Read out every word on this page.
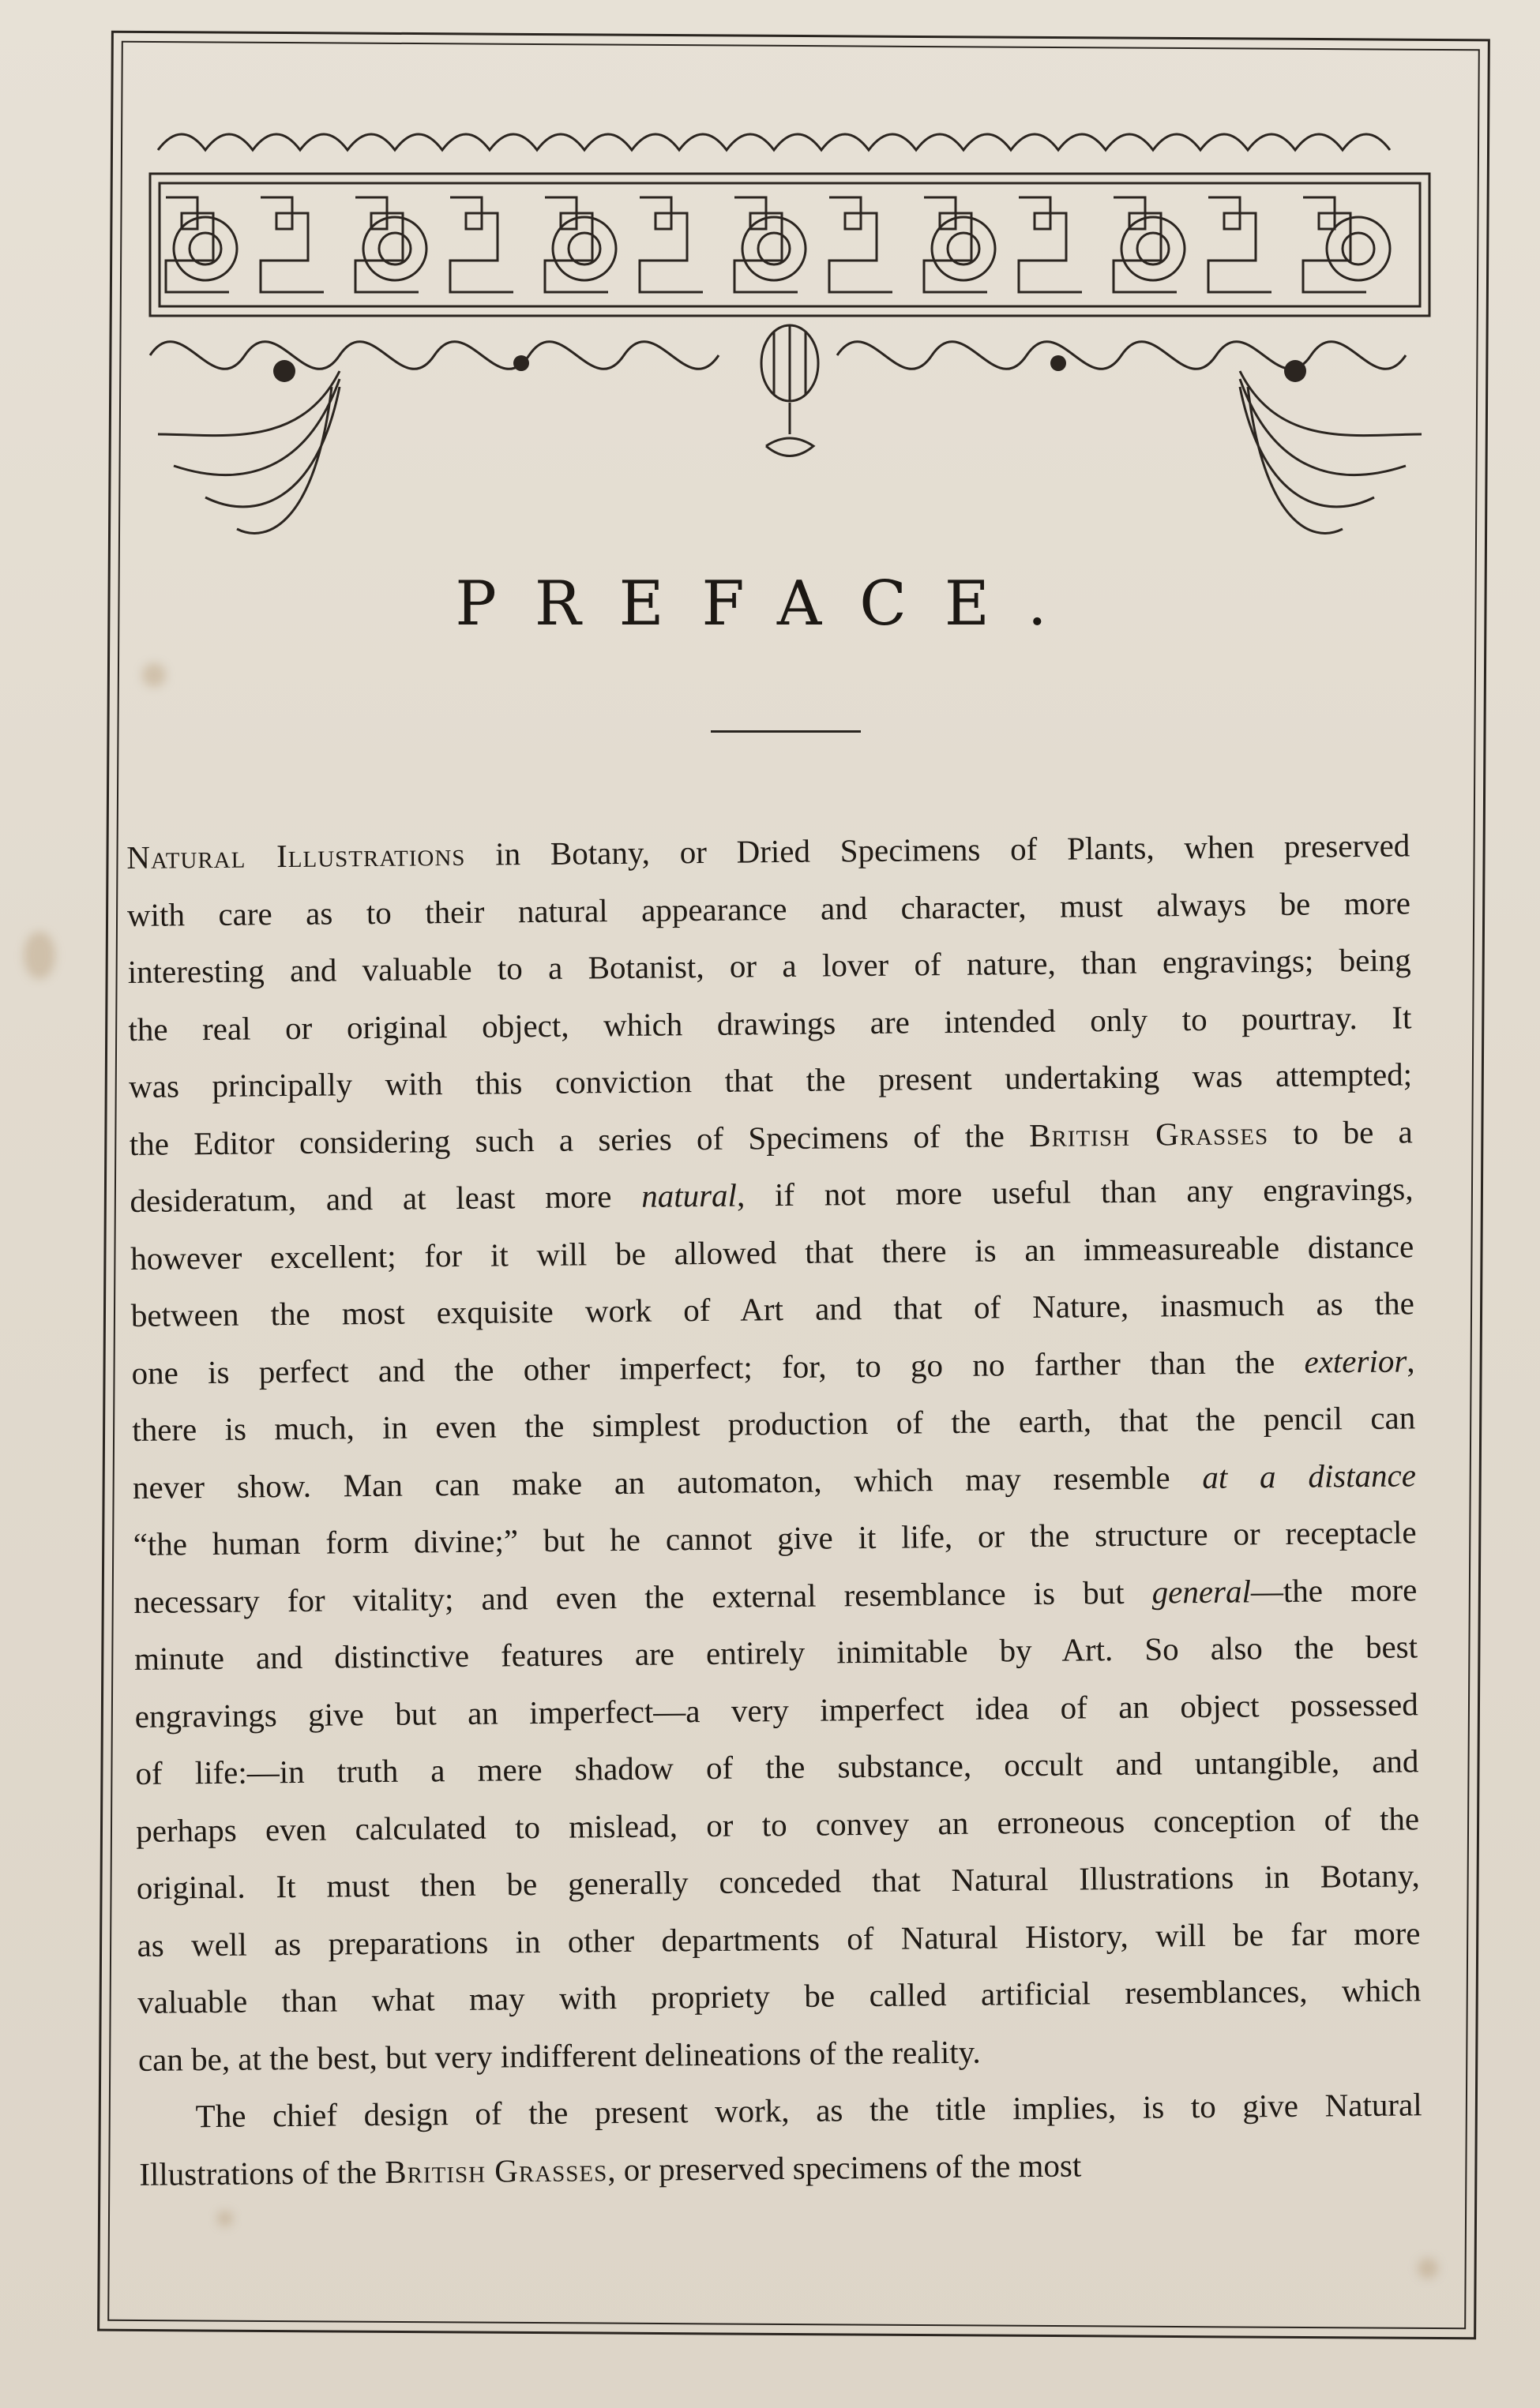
PREFACE.
Natural Illustrations in Botany, or Dried Specimens of Plants, when preserved
with care as to their natural appearance and character, must always be more
interesting and valuable to a Botanist, or a lover of nature, than engravings; being
the real or original object, which drawings are intended only to pourtray. It
was principally with this conviction that the present undertaking was attempted;
the Editor considering such a series of Specimens of the British Grasses to be a
desideratum, and at least more natural, if not more useful than any engravings,
however excellent; for it will be allowed that there is an immeasureable distance
between the most exquisite work of Art and that of Nature, inasmuch as the
one is perfect and the other imperfect; for, to go no farther than the exterior,
there is much, in even the simplest production of the earth, that the pencil can
never show. Man can make an automaton, which may resemble at a distance
“the human form divine;” but he cannot give it life, or the structure or receptacle
necessary for vitality; and even the external resemblance is but general—the more
minute and distinctive features are entirely inimitable by Art. So also the best
engravings give but an imperfect—a very imperfect idea of an object possessed
of life:—in truth a mere shadow of the substance, occult and untangible, and
perhaps even calculated to mislead, or to convey an erroneous conception of the
original. It must then be generally conceded that Natural Illustrations in Botany,
as well as preparations in other departments of Natural History, will be far more
valuable than what may with propriety be called artificial resemblances, which
can be, at the best, but very indifferent delineations of the reality.
The chief design of the present work, as the title implies, is to give Natural
Illustrations of the British Grasses, or preserved specimens of the most
